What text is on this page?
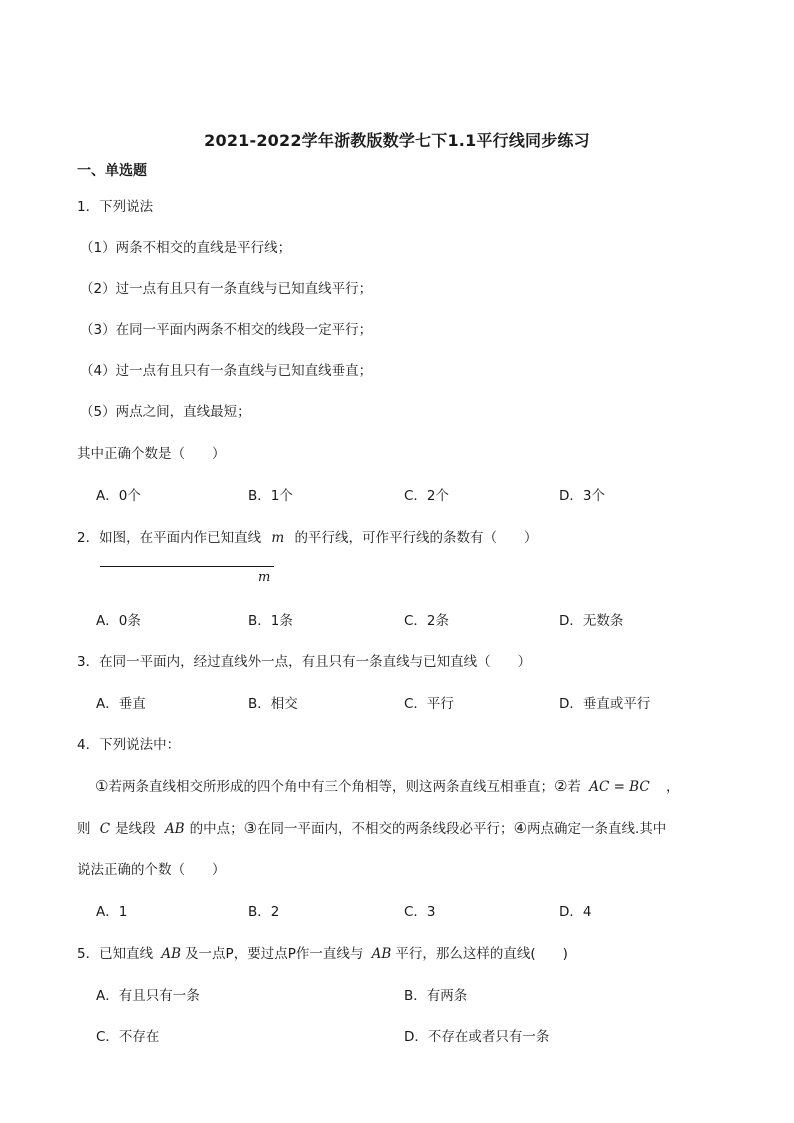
2021-2022学年浙教版数学七下1.1平行线同步练习
一、单选题
1．下列说法
（1）两条不相交的直线是平行线；
（2）过一点有且只有一条直线与已知直线平行；
（3）在同一平面内两条不相交的线段一定平行；
（4）过一点有且只有一条直线与已知直线垂直；
（5）两点之间，直线最短；
其中正确个数是（　　）
A．0个	B．1个	C．2个	D．3个
2．如图，在平面内作已知直线 m 的平行线，可作平行线的条数有（　　）
m
A．0条	B．1条	C．2条	D．无数条
3．在同一平面内，经过直线外一点，有且只有一条直线与已知直线（　　）
A．垂直	B．相交	C．平行	D．垂直或平行
4．下列说法中：
①若两条直线相交所形成的四个角中有三个角相等，则这两条直线互相垂直；②若 AC = BC ，
则 C 是线段 AB 的中点；③在同一平面内，不相交的两条线段必平行；④两点确定一条直线.其中
说法正确的个数（　　）
A．1	B．2	C．3	D．4
5．已知直线 AB 及一点P，要过点P作一直线与 AB 平行，那么这样的直线(　　)
A．有且只有一条	B．有两条
C．不存在	D．不存在或者只有一条
